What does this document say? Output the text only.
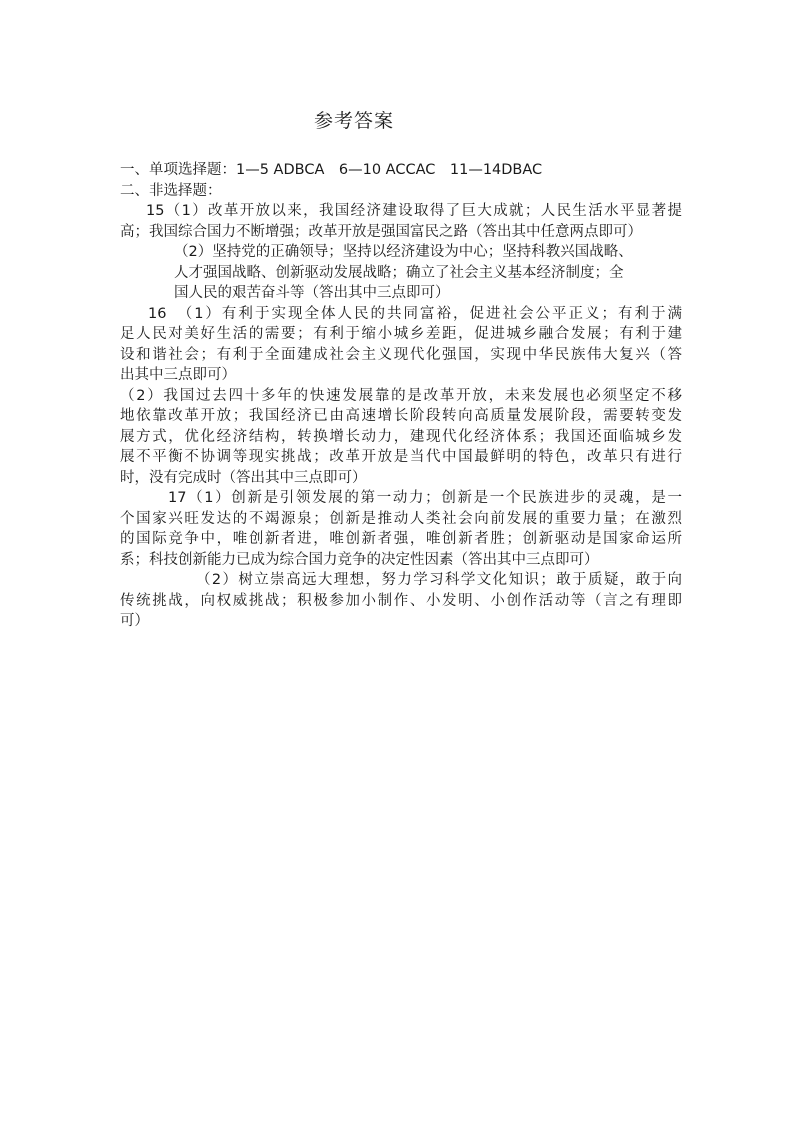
参考答案
一、单项选择题：1—5 ADBCA　6—10 ACCAC　11—14DBAC
二、非选择题：
15（1）改革开放以来，我国经济建设取得了巨大成就；人民生活水平显著提
高；我国综合国力不断增强；改革开放是强国富民之路（答出其中任意两点即可）
（2）坚持党的正确领导；坚持以经济建设为中心；坚持科教兴国战略、
人才强国战略、创新驱动发展战略；确立了社会主义基本经济制度；全
国人民的艰苦奋斗等（答出其中三点即可）
16　（1）有利于实现全体人民的共同富裕，促进社会公平正义；有利于满
足人民对美好生活的需要；有利于缩小城乡差距，促进城乡融合发展；有利于建
设和谐社会；有利于全面建成社会主义现代化强国，实现中华民族伟大复兴（答
出其中三点即可）
（2）我国过去四十多年的快速发展靠的是改革开放，未来发展也必须坚定不移
地依靠改革开放；我国经济已由高速增长阶段转向高质量发展阶段，需要转变发
展方式，优化经济结构，转换增长动力，建现代化经济体系；我国还面临城乡发
展不平衡不协调等现实挑战；改革开放是当代中国最鲜明的特色，改革只有进行
时，没有完成时（答出其中三点即可）
17（1）创新是引领发展的第一动力；创新是一个民族进步的灵魂，是一
个国家兴旺发达的不竭源泉；创新是推动人类社会向前发展的重要力量；在激烈
的国际竞争中，唯创新者进，唯创新者强，唯创新者胜；创新驱动是国家命运所
系；科技创新能力已成为综合国力竞争的决定性因素（答出其中三点即可）
（2）树立崇高远大理想，努力学习科学文化知识；敢于质疑，敢于向
传统挑战，向权威挑战；积极参加小制作、小发明、小创作活动等（言之有理即
可）
